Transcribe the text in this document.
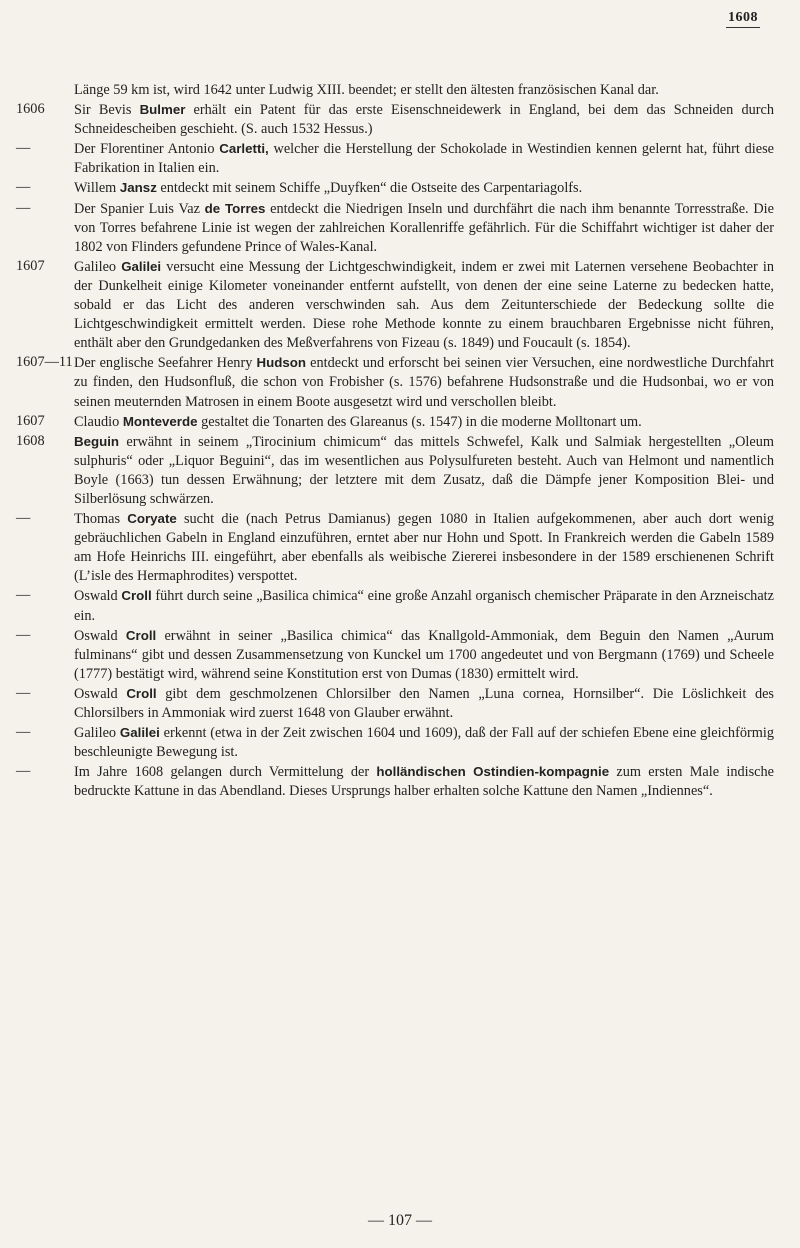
1608
Länge 59 km ist, wird 1642 unter Ludwig XIII. beendet; er stellt den ältesten französischen Kanal dar.
1606	Sir Bevis Bulmer erhält ein Patent für das erste Eisenschneidewerk in England, bei dem das Schneiden durch Schneidescheiben geschieht. (S. auch 1532 Hessus.)
—	Der Florentiner Antonio Carletti, welcher die Herstellung der Schokolade in Westindien kennen gelernt hat, führt diese Fabrikation in Italien ein.
—	Willem Jansz entdeckt mit seinem Schiffe „Duyfken“ die Ostseite des Carpentariagolfs.
—	Der Spanier Luis Vaz de Torres entdeckt die Niedrigen Inseln und durchfährt die nach ihm benannte Torresstraße. Die von Torres befahrene Linie ist wegen der zahlreichen Korallenriffe gefährlich. Für die Schiffahrt wichtiger ist daher der 1802 von Flinders gefundene Prince of Wales-Kanal.
1607	Galileo Galilei versucht eine Messung der Lichtgeschwindigkeit, indem er zwei mit Laternen versehene Beobachter in der Dunkelheit einige Kilometer voneinander entfernt aufstellt, von denen der eine seine Laterne zu bedecken hatte, sobald er das Licht des anderen verschwinden sah. Aus dem Zeitunterschiede der Bedeckung sollte die Lichtgeschwindigkeit ermittelt werden. Diese rohe Methode konnte zu einem brauchbaren Ergebnisse nicht führen, enthält aber den Grundgedanken des Meßverfahrens von Fizeau (s. 1849) und Foucault (s. 1854).
1607—11 Der englische Seefahrer Henry Hudson entdeckt und erforscht bei seinen vier Versuchen, eine nordwestliche Durchfahrt zu finden, den Hudsonfluß, die schon von Frobisher (s. 1576) befahrene Hudsonstraße und die Hudsonbai, wo er von seinen meuternden Matrosen in einem Boote ausgesetzt wird und verschollen bleibt.
1607	Claudio Monteverde gestaltet die Tonarten des Glareanus (s. 1547) in die moderne Molltonart um.
1608	Beguin erwähnt in seinem „Tirocinium chimicum“ das mittels Schwefel, Kalk und Salmiak hergestellten „Oleum sulphuris“ oder „Liquor Beguini“, das im wesentlichen aus Polysulfureten besteht. Auch van Helmont und namentlich Boyle (1663) tun dessen Erwähnung; der letztere mit dem Zusatz, daß die Dämpfe jener Komposition Blei- und Silberlösung schwärzen.
—	Thomas Coryate sucht die (nach Petrus Damianus) gegen 1080 in Italien aufgekommenen, aber auch dort wenig gebräuchlichen Gabeln in England einzuführen, erntet aber nur Hohn und Spott. In Frankreich werden die Gabeln 1589 am Hofe Heinrichs III. eingeführt, aber ebenfalls als weibische Ziererei insbesondere in der 1589 erschienenen Schrift (L’isle des Hermaphrodites) verspottet.
—	Oswald Croll führt durch seine „Basilica chimica“ eine große Anzahl organisch chemischer Präparate in den Arzneischatz ein.
—	Oswald Croll erwähnt in seiner „Basilica chimica“ das Knallgold-Ammoniak, dem Beguin den Namen „Aurum fulminans“ gibt und dessen Zusammensetzung von Kunckel um 1700 angedeutet und von Bergmann (1769) und Scheele (1777) bestätigt wird, während seine Konstitution erst von Dumas (1830) ermittelt wird.
—	Oswald Croll gibt dem geschmolzenen Chlorsilber den Namen „Luna cornea, Hornsilber“. Die Löslichkeit des Chlorsilbers in Ammoniak wird zuerst 1648 von Glauber erwähnt.
—	Galileo Galilei erkennt (etwa in der Zeit zwischen 1604 und 1609), daß der Fall auf der schiefen Ebene eine gleichförmig beschleunigte Bewegung ist.
—	Im Jahre 1608 gelangen durch Vermittelung der holländischen Ostindien-kompagnie zum ersten Male indische bedruckte Kattune in das Abendland. Dieses Ursprungs halber erhalten solche Kattune den Namen „Indiennes“.
— 107 —
